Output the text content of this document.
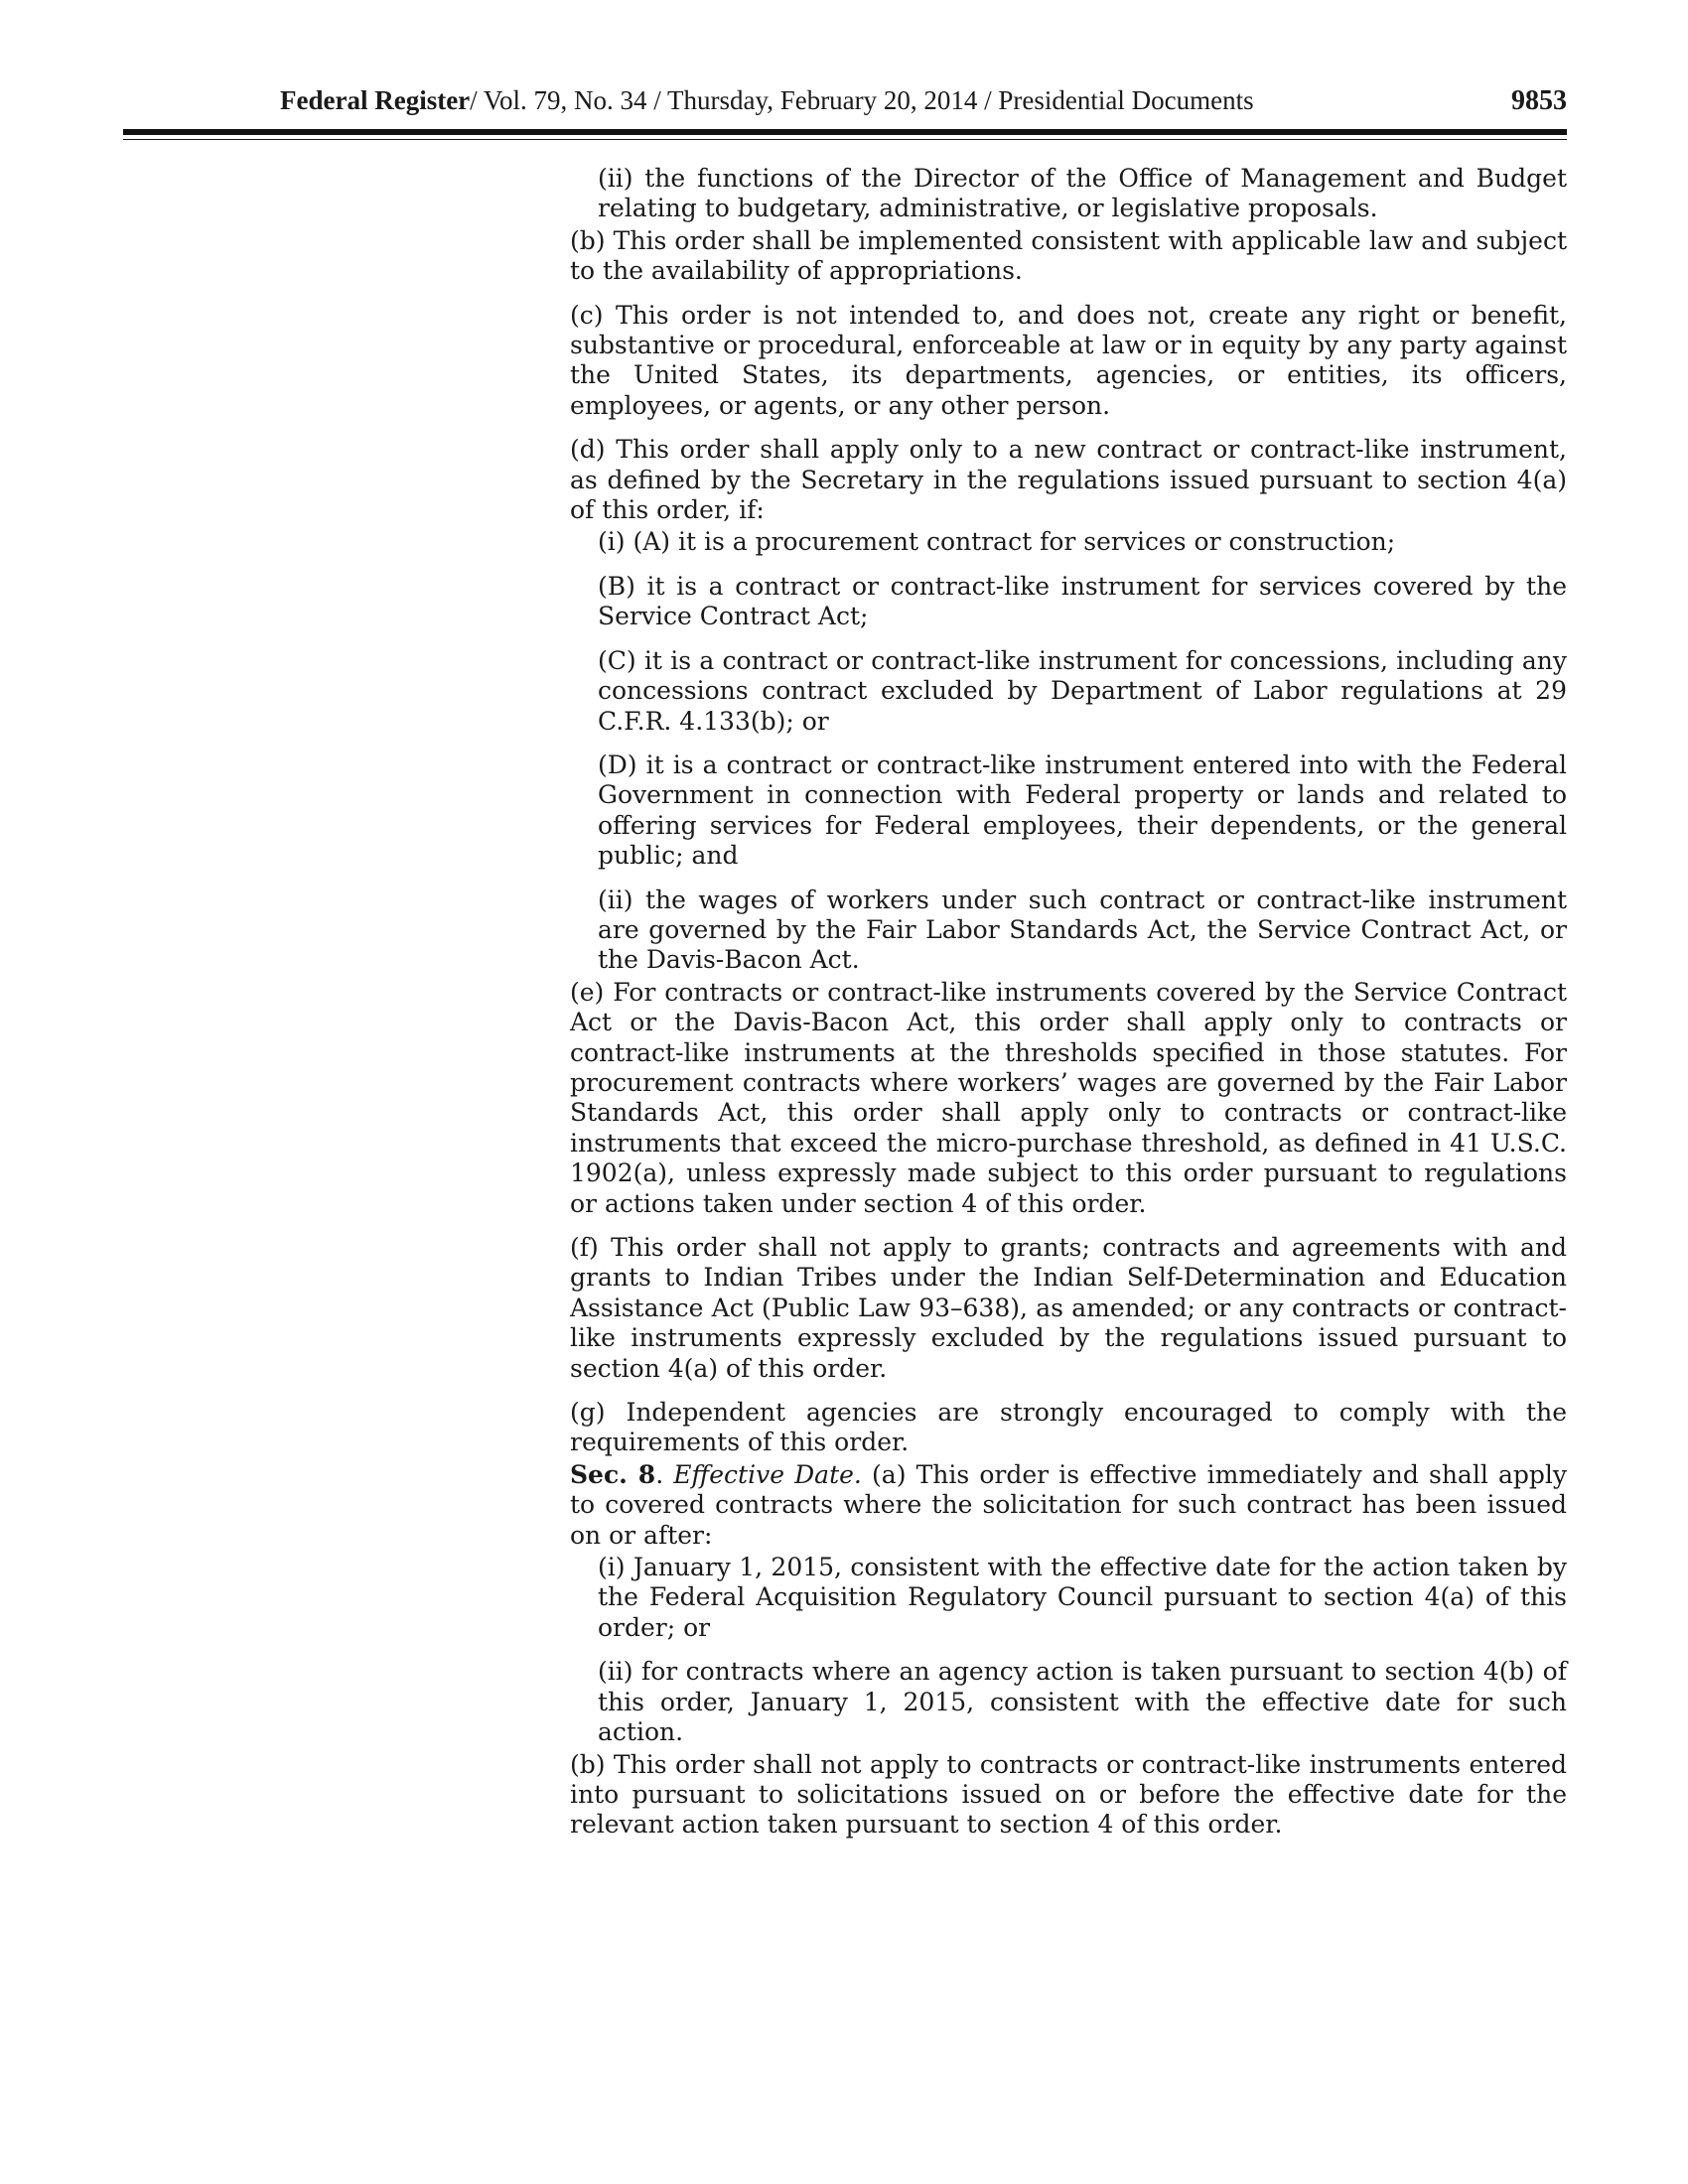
Federal Register/ Vol. 79, No. 34 / Thursday, February 20, 2014 / Presidential Documents	9853

(ii) the functions of the Director of the Office of Management and Budget relating to budgetary, administrative, or legislative proposals.

(b) This order shall be implemented consistent with applicable law and subject to the availability of appropriations.

(c) This order is not intended to, and does not, create any right or benefit, substantive or procedural, enforceable at law or in equity by any party against the United States, its departments, agencies, or entities, its officers, employees, or agents, or any other person.

(d) This order shall apply only to a new contract or contract-like instrument, as defined by the Secretary in the regulations issued pursuant to section 4(a) of this order, if:

(i) (A) it is a procurement contract for services or construction;

(B) it is a contract or contract-like instrument for services covered by the Service Contract Act;

(C) it is a contract or contract-like instrument for concessions, including any concessions contract excluded by Department of Labor regulations at 29 C.F.R. 4.133(b); or

(D) it is a contract or contract-like instrument entered into with the Federal Government in connection with Federal property or lands and related to offering services for Federal employees, their dependents, or the general public; and

(ii) the wages of workers under such contract or contract-like instrument are governed by the Fair Labor Standards Act, the Service Contract Act, or the Davis-Bacon Act.

(e) For contracts or contract-like instruments covered by the Service Contract Act or the Davis-Bacon Act, this order shall apply only to contracts or contract-like instruments at the thresholds specified in those statutes. For procurement contracts where workers’ wages are governed by the Fair Labor Standards Act, this order shall apply only to contracts or contract-like instruments that exceed the micro-purchase threshold, as defined in 41 U.S.C. 1902(a), unless expressly made subject to this order pursuant to regulations or actions taken under section 4 of this order.

(f) This order shall not apply to grants; contracts and agreements with and grants to Indian Tribes under the Indian Self-Determination and Education Assistance Act (Public Law 93–638), as amended; or any contracts or contract-like instruments expressly excluded by the regulations issued pursuant to section 4(a) of this order.

(g) Independent agencies are strongly encouraged to comply with the requirements of this order.

Sec. 8. Effective Date. (a) This order is effective immediately and shall apply to covered contracts where the solicitation for such contract has been issued on or after:

(i) January 1, 2015, consistent with the effective date for the action taken by the Federal Acquisition Regulatory Council pursuant to section 4(a) of this order; or

(ii) for contracts where an agency action is taken pursuant to section 4(b) of this order, January 1, 2015, consistent with the effective date for such action.

(b) This order shall not apply to contracts or contract-like instruments entered into pursuant to solicitations issued on or before the effective date for the relevant action taken pursuant to section 4 of this order.
